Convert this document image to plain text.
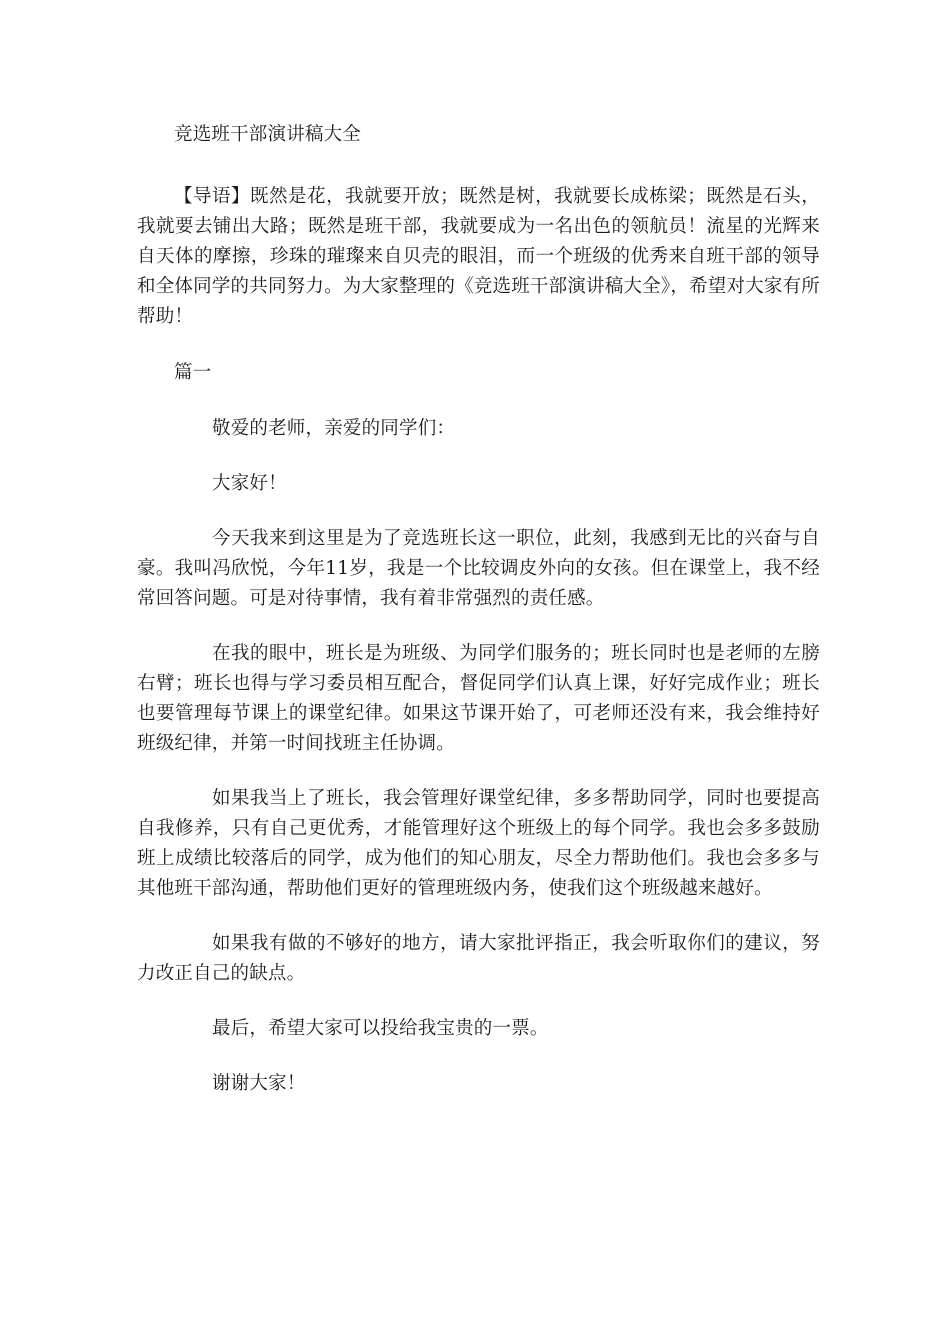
竞选班干部演讲稿大全

【导语】既然是花，我就要开放；既然是树，我就要长成栋梁；既然是石头，我就要去铺出大路；既然是班干部，我就要成为一名出色的领航员！流星的光辉来自天体的摩擦，珍珠的璀璨来自贝壳的眼泪，而一个班级的优秀来自班干部的领导和全体同学的共同努力。为大家整理的《竞选班干部演讲稿大全》，希望对大家有所帮助！

篇一

敬爱的老师，亲爱的同学们：

大家好！

今天我来到这里是为了竞选班长这一职位，此刻，我感到无比的兴奋与自豪。我叫冯欣悦，今年11岁，我是一个比较调皮外向的女孩。但在课堂上，我不经常回答问题。可是对待事情，我有着非常强烈的责任感。

在我的眼中，班长是为班级、为同学们服务的；班长同时也是老师的左膀右臂；班长也得与学习委员相互配合，督促同学们认真上课，好好完成作业；班长也要管理每节课上的课堂纪律。如果这节课开始了，可老师还没有来，我会维持好班级纪律，并第一时间找班主任协调。

如果我当上了班长，我会管理好课堂纪律，多多帮助同学，同时也要提高自我修养，只有自己更优秀，才能管理好这个班级上的每个同学。我也会多多鼓励班上成绩比较落后的同学，成为他们的知心朋友，尽全力帮助他们。我也会多多与其他班干部沟通，帮助他们更好的管理班级内务，使我们这个班级越来越好。

如果我有做的不够好的地方，请大家批评指正，我会听取你们的建议，努力改正自己的缺点。

最后，希望大家可以投给我宝贵的一票。

谢谢大家！
